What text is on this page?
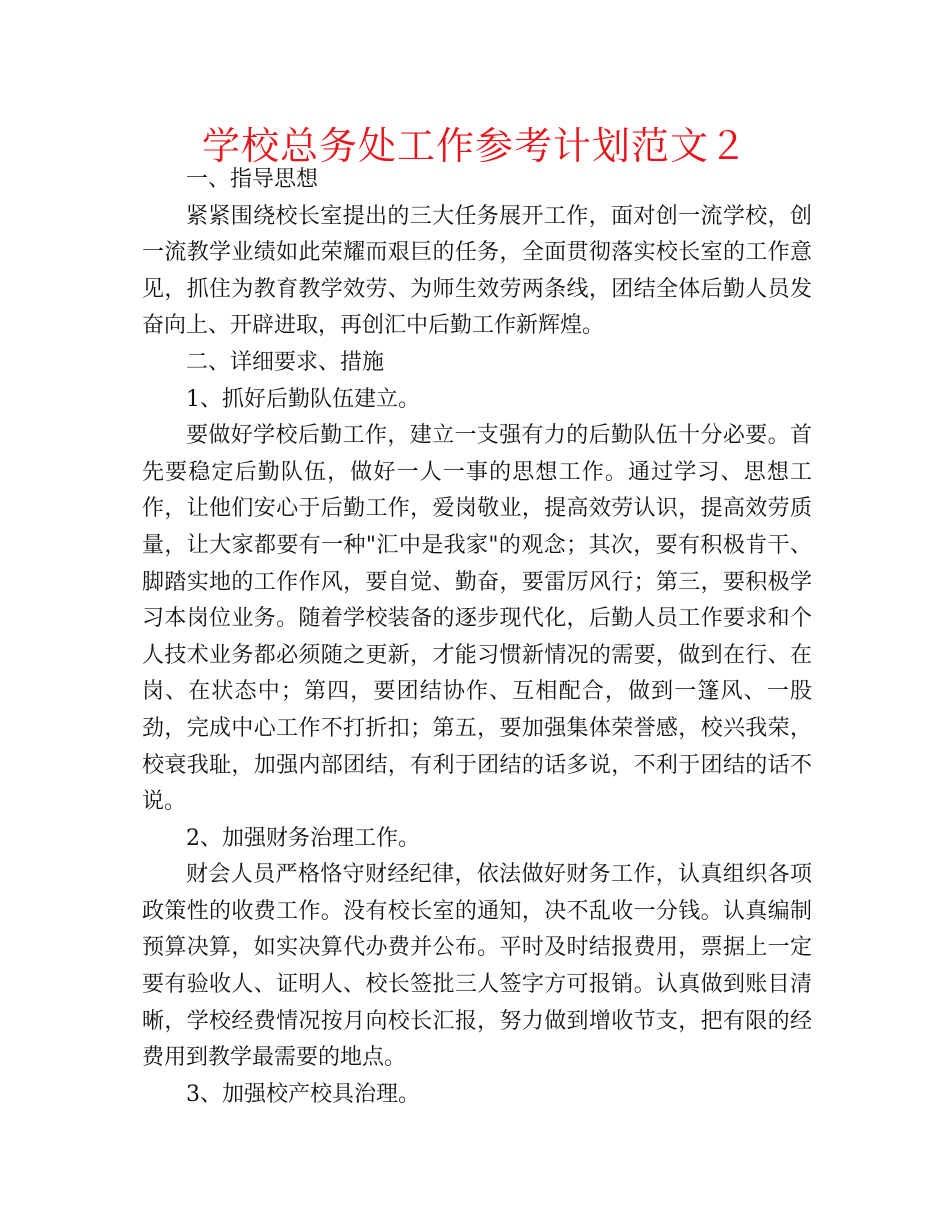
学校总务处工作参考计划范文２

一、指导思想

紧紧围绕校长室提出的三大任务展开工作，面对创一流学校，创一流教学业绩如此荣耀而艰巨的任务，全面贯彻落实校长室的工作意见，抓住为教育教学效劳、为师生效劳两条线，团结全体后勤人员发奋向上、开辟进取，再创汇中后勤工作新辉煌。

二、详细要求、措施

1、抓好后勤队伍建立。

要做好学校后勤工作，建立一支强有力的后勤队伍十分必要。首先要稳定后勤队伍，做好一人一事的思想工作。通过学习、思想工作，让他们安心于后勤工作，爱岗敬业，提高效劳认识，提高效劳质量，让大家都要有一种"汇中是我家"的观念；其次，要有积极肯干、脚踏实地的工作作风，要自觉、勤奋，要雷厉风行；第三，要积极学习本岗位业务。随着学校装备的逐步现代化，后勤人员工作要求和个人技术业务都必须随之更新，才能习惯新情况的需要，做到在行、在岗、在状态中；第四，要团结协作、互相配合，做到一篷风、一股劲，完成中心工作不打折扣；第五，要加强集体荣誉感，校兴我荣，校衰我耻，加强内部团结，有利于团结的话多说，不利于团结的话不说。

2、加强财务治理工作。

财会人员严格恪守财经纪律，依法做好财务工作，认真组织各项政策性的收费工作。没有校长室的通知，决不乱收一分钱。认真编制预算决算，如实决算代办费并公布。平时及时结报费用，票据上一定要有验收人、证明人、校长签批三人签字方可报销。认真做到账目清晰，学校经费情况按月向校长汇报，努力做到增收节支，把有限的经费用到教学最需要的地点。

3、加强校产校具治理。
